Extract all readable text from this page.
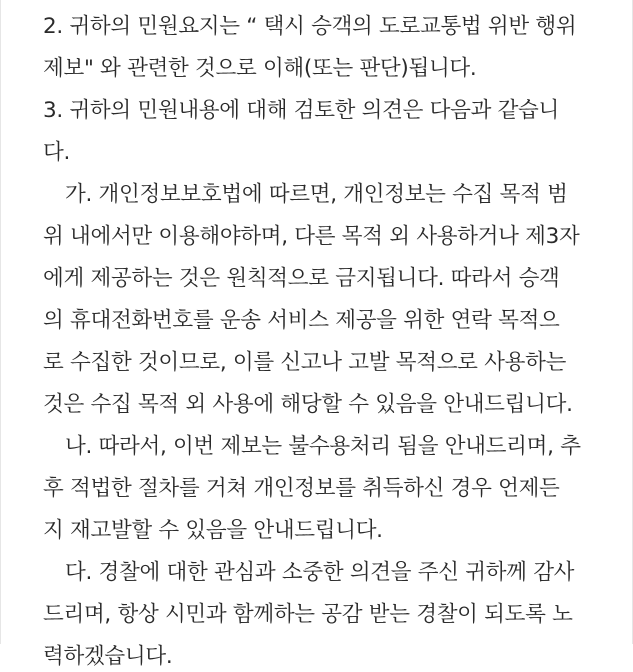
2. 귀하의 민원요지는 “ 택시 승객의 도로교통법 위반 행위
제보" 와 관련한 것으로 이해(또는 판단)됩니다.
3. 귀하의 민원내용에 대해 검토한 의견은 다음과 같습니
다.
가. 개인정보보호법에 따르면, 개인정보는 수집 목적 범
위 내에서만 이용해야하며, 다른 목적 외 사용하거나 제3자
에게 제공하는 것은 원칙적으로 금지됩니다. 따라서 승객
의 휴대전화번호를 운송 서비스 제공을 위한 연락 목적으
로 수집한 것이므로, 이를 신고나 고발 목적으로 사용하는
것은 수집 목적 외 사용에 해당할 수 있음을 안내드립니다.
나. 따라서, 이번 제보는 불수용처리 됨을 안내드리며, 추
후 적법한 절차를 거쳐 개인정보를 취득하신 경우 언제든
지 재고발할 수 있음을 안내드립니다.
다. 경찰에 대한 관심과 소중한 의견을 주신 귀하께 감사
드리며, 항상 시민과 함께하는 공감 받는 경찰이 되도록 노
력하겠습니다.
